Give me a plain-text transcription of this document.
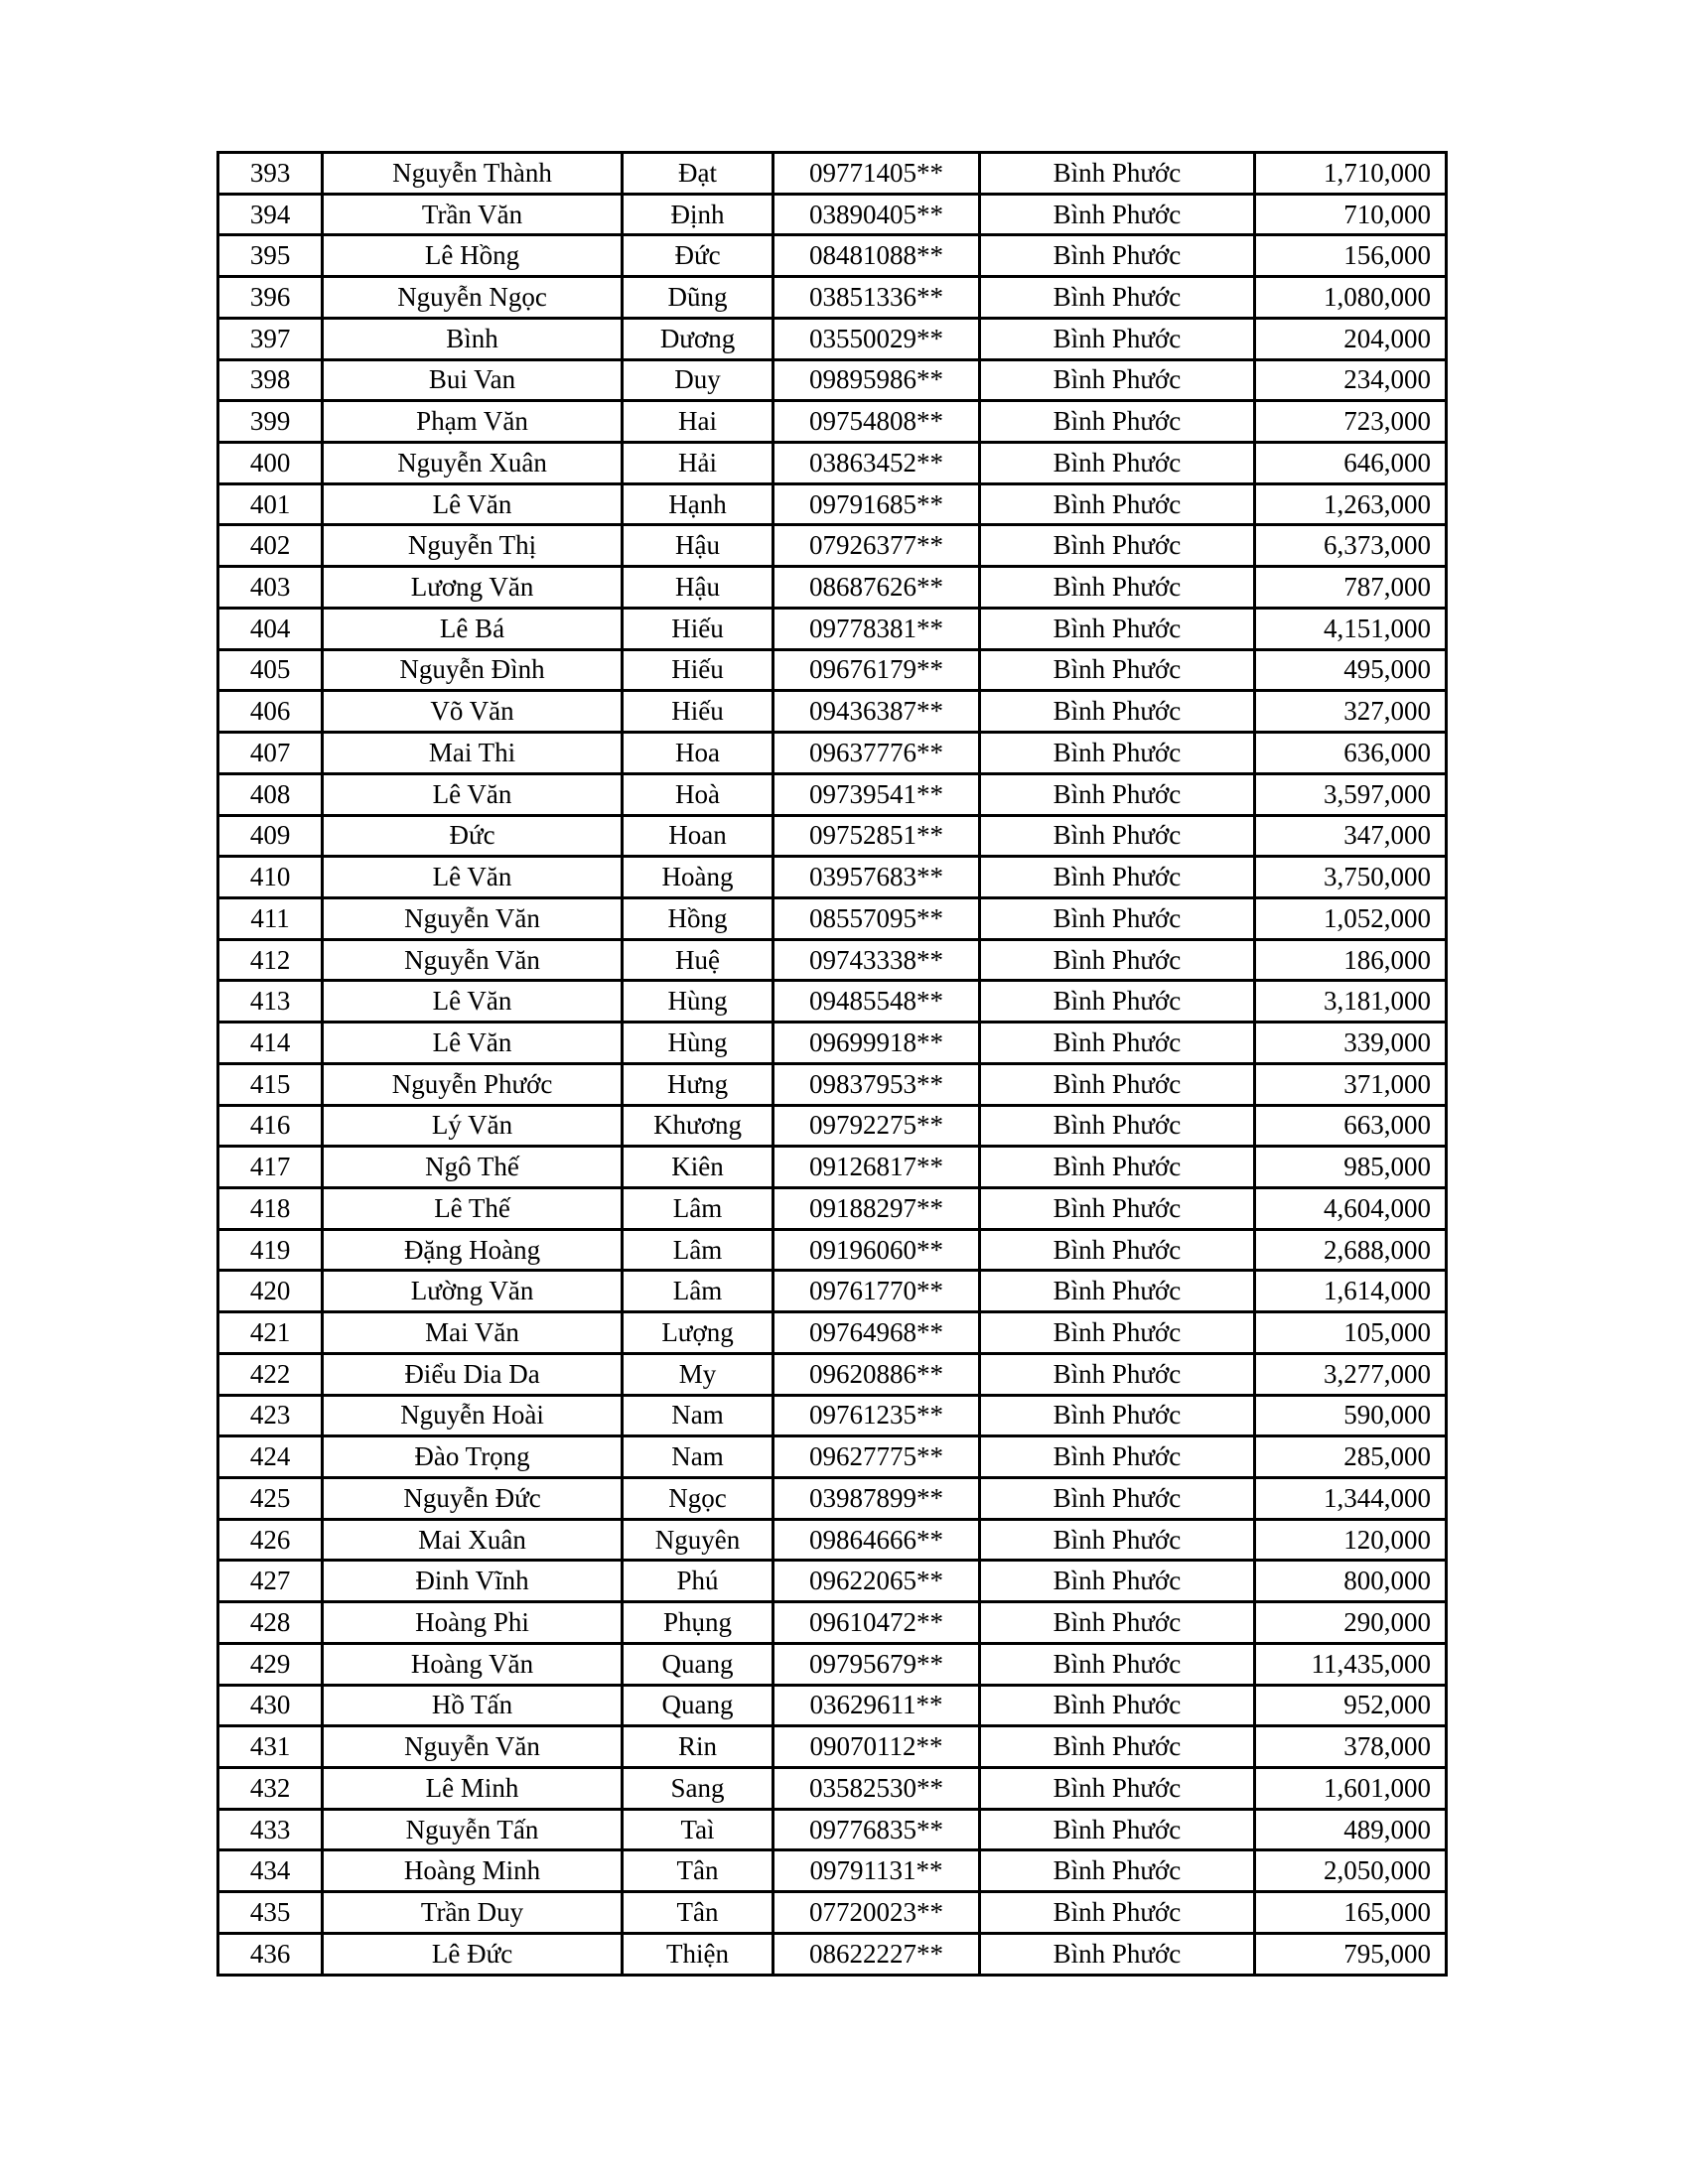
393	Nguyễn Thành	Đạt	09771405**	Bình Phước	1,710,000
394	Trần Văn	Định	03890405**	Bình Phước	710,000
395	Lê Hồng	Đức	08481088**	Bình Phước	156,000
396	Nguyễn Ngọc	Dũng	03851336**	Bình Phước	1,080,000
397	Bình	Dương	03550029**	Bình Phước	204,000
398	Bui Van	Duy	09895986**	Bình Phước	234,000
399	Phạm Văn	Hai	09754808**	Bình Phước	723,000
400	Nguyễn Xuân	Hải	03863452**	Bình Phước	646,000
401	Lê Văn	Hạnh	09791685**	Bình Phước	1,263,000
402	Nguyễn Thị	Hậu	07926377**	Bình Phước	6,373,000
403	Lương Văn	Hậu	08687626**	Bình Phước	787,000
404	Lê Bá	Hiếu	09778381**	Bình Phước	4,151,000
405	Nguyễn Đình	Hiếu	09676179**	Bình Phước	495,000
406	Võ Văn	Hiếu	09436387**	Bình Phước	327,000
407	Mai Thi	Hoa	09637776**	Bình Phước	636,000
408	Lê Văn	Hoà	09739541**	Bình Phước	3,597,000
409	Đức	Hoan	09752851**	Bình Phước	347,000
410	Lê Văn	Hoàng	03957683**	Bình Phước	3,750,000
411	Nguyễn Văn	Hồng	08557095**	Bình Phước	1,052,000
412	Nguyễn Văn	Huệ	09743338**	Bình Phước	186,000
413	Lê Văn	Hùng	09485548**	Bình Phước	3,181,000
414	Lê Văn	Hùng	09699918**	Bình Phước	339,000
415	Nguyễn Phước	Hưng	09837953**	Bình Phước	371,000
416	Lý Văn	Khương	09792275**	Bình Phước	663,000
417	Ngô Thế	Kiên	09126817**	Bình Phước	985,000
418	Lê Thế	Lâm	09188297**	Bình Phước	4,604,000
419	Đặng Hoàng	Lâm	09196060**	Bình Phước	2,688,000
420	Lường Văn	Lâm	09761770**	Bình Phước	1,614,000
421	Mai Văn	Lượng	09764968**	Bình Phước	105,000
422	Điểu Dia Da	My	09620886**	Bình Phước	3,277,000
423	Nguyễn Hoài	Nam	09761235**	Bình Phước	590,000
424	Đào Trọng	Nam	09627775**	Bình Phước	285,000
425	Nguyễn Đức	Ngọc	03987899**	Bình Phước	1,344,000
426	Mai Xuân	Nguyên	09864666**	Bình Phước	120,000
427	Đinh Vĩnh	Phú	09622065**	Bình Phước	800,000
428	Hoàng Phi	Phụng	09610472**	Bình Phước	290,000
429	Hoàng Văn	Quang	09795679**	Bình Phước	11,435,000
430	Hồ Tấn	Quang	03629611**	Bình Phước	952,000
431	Nguyễn Văn	Rin	09070112**	Bình Phước	378,000
432	Lê Minh	Sang	03582530**	Bình Phước	1,601,000
433	Nguyễn Tấn	Taì	09776835**	Bình Phước	489,000
434	Hoàng Minh	Tân	09791131**	Bình Phước	2,050,000
435	Trần Duy	Tân	07720023**	Bình Phước	165,000
436	Lê Đức	Thiện	08622227**	Bình Phước	795,000
